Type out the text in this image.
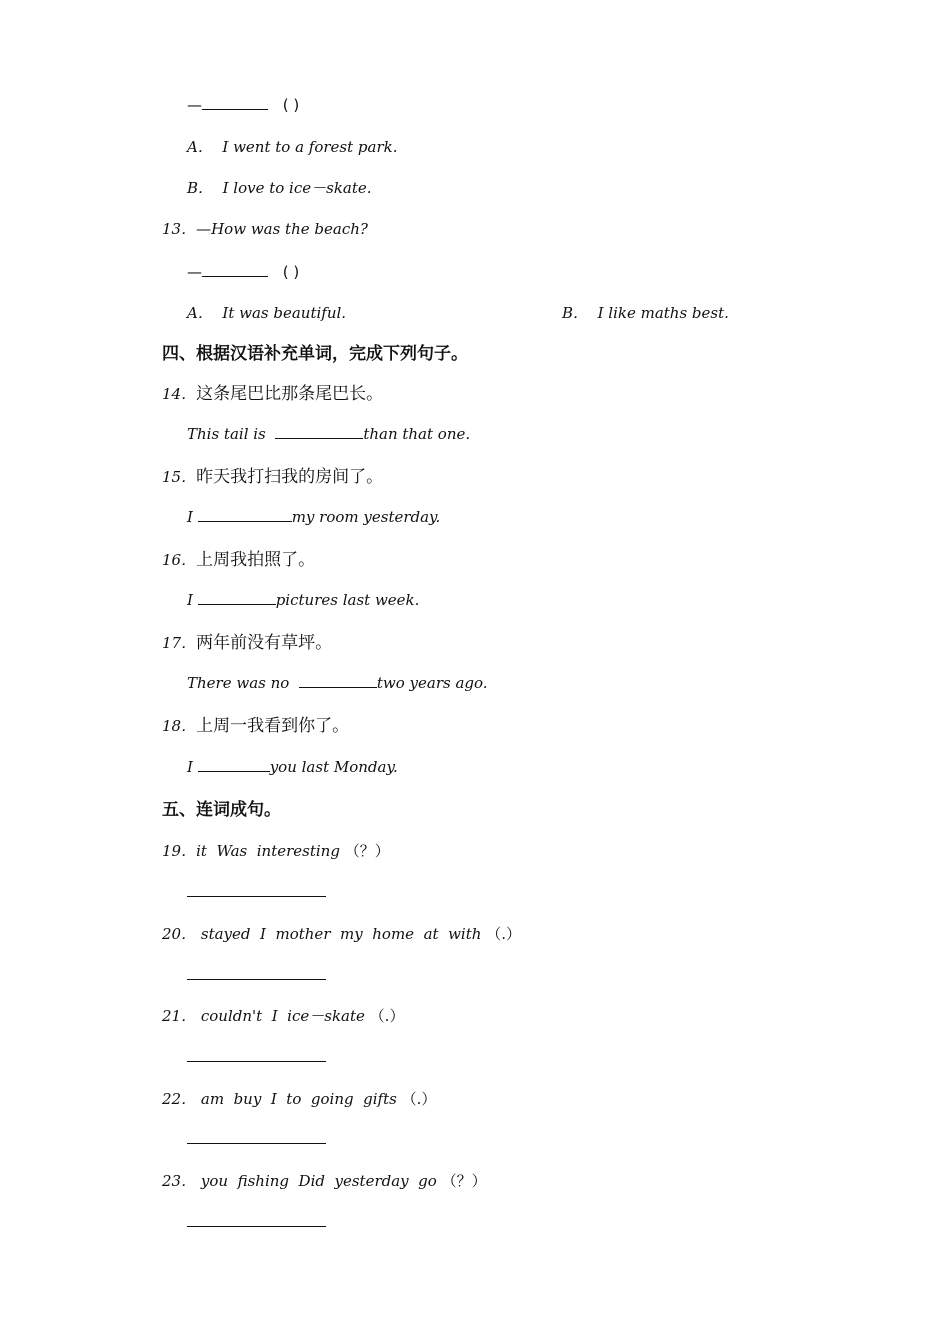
—	( )
A． I went to a forest park.
B． I love to ice－skate.
13．—How was the beach?
—	( )
A． It was beautiful.	B． I like maths best.
四、根据汉语补充单词，完成下列句子。
14．这条尾巴比那条尾巴长。
This tail is	than that one.
15．昨天我打扫我的房间了。
I	my room yesterday.
16．上周我拍照了。
I	pictures last week.
17．两年前没有草坪。
There was no	two years ago.
18．上周一我看到你了。
I	you last Monday.
五、连词成句。
19．it  Was  interesting （？）
20． stayed  I  mother  my  home  at  with （.）
21． couldn't  I  ice－skate （.）
22． am  buy  I  to  going  gifts （.）
23． you  fishing  Did  yesterday  go （？）
